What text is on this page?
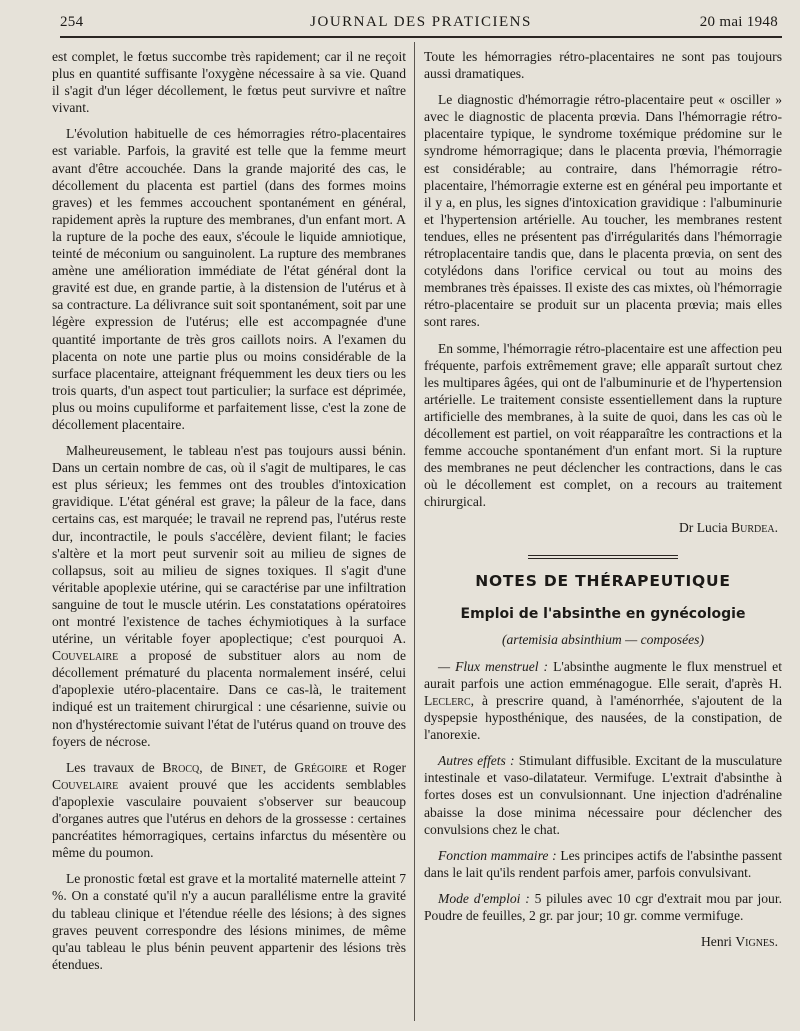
254	JOURNAL DES PRATICIENS	20 mai 1948

est complet, le fœtus succombe très rapidement; car il ne reçoit plus en quantité suffisante l'oxygène nécessaire à sa vie. Quand il s'agit d'un léger décollement, le fœtus peut survivre et naître vivant.

L'évolution habituelle de ces hémorragies rétro-placentaires est variable. Parfois, la gravité est telle que la femme meurt avant d'être accouchée. Dans la grande majorité des cas, le décollement du placenta est partiel (dans des formes moins graves) et les femmes accouchent spontanément en général, rapidement après la rupture des membranes, d'un enfant mort. A la rupture de la poche des eaux, s'écoule le liquide amniotique, teinté de méconium ou sanguinolent. La rupture des membranes amène une amélioration immédiate de l'état général dont la gravité est due, en grande partie, à la distension de l'utérus et à sa contracture. La délivrance suit soit spontanément, soit par une légère expression de l'utérus; elle est accompagnée d'une quantité importante de très gros caillots noirs. A l'examen du placenta on note une partie plus ou moins considérable de la surface placentaire, atteignant fréquemment les deux tiers ou les trois quarts, d'un aspect tout particulier; la surface est déprimée, plus ou moins cupuliforme et parfaitement lisse, c'est la zone de décollement placentaire.

Malheureusement, le tableau n'est pas toujours aussi bénin. Dans un certain nombre de cas, où il s'agit de multipares, le cas est plus sérieux; les femmes ont des troubles d'intoxication gravidique. L'état général est grave; la pâleur de la face, dans certains cas, est marquée; le travail ne reprend pas, l'utérus reste dur, incontractile, le pouls s'accélère, devient filant; le facies s'altère et la mort peut survenir soit au milieu de signes de collapsus, soit au milieu de signes toxiques. Il s'agit d'une véritable apoplexie utérine, qui se caractérise par une infiltration sanguine de tout le muscle utérin. Les constatations opératoires ont montré l'existence de taches échymiotiques à la surface utérine, un véritable foyer apoplectique; c'est pourquoi A. Couvelaire a proposé de substituer alors au nom de décollement prématuré du placenta normalement inséré, celui d'apoplexie utéro-placentaire. Dans ce cas-là, le traitement indiqué est un traitement chirurgical : une césarienne, suivie ou non d'hystérectomie suivant l'état de l'utérus quand on trouve des foyers de nécrose.

Les travaux de Brocq, de Binet, de Grégoire et Roger Couvelaire avaient prouvé que les accidents semblables d'apoplexie vasculaire pouvaient s'observer sur beaucoup d'organes autres que l'utérus en dehors de la grossesse : certaines pancréatites hémorragiques, certains infarctus du mésentère ou même du poumon.

Le pronostic fœtal est grave et la mortalité maternelle atteint 7 %. On a constaté qu'il n'y a aucun parallélisme entre la gravité du tableau clinique et l'étendue réelle des lésions; à des signes graves peuvent correspondre des lésions minimes, de même qu'au tableau le plus bénin peuvent appartenir des lésions très étendues.

Toute les hémorragies rétro-placentaires ne sont pas toujours aussi dramatiques.

Le diagnostic d'hémorragie rétro-placentaire peut « osciller » avec le diagnostic de placenta prœvia. Dans l'hémorragie rétro-placentaire typique, le syndrome toxémique prédomine sur le syndrome hémorragique; dans le placenta prœvia, l'hémorragie est considérable; au contraire, dans l'hémorragie rétro-placentaire, l'hémorragie externe est en général peu importante et il y a, en plus, les signes d'intoxication gravidique : l'albuminurie et l'hypertension artérielle. Au toucher, les membranes restent tendues, elles ne présentent pas d'irrégularités dans l'hémorragie rétroplacentaire tandis que, dans le placenta prœvia, on sent des cotylédons dans l'orifice cervical ou tout au moins des membranes très épaisses. Il existe des cas mixtes, où l'hémorragie rétro-placentaire se produit sur un placenta prœvia; mais elles sont rares.

En somme, l'hémorragie rétro-placentaire est une affection peu fréquente, parfois extrêmement grave; elle apparaît surtout chez les multipares âgées, qui ont de l'albuminurie et de l'hypertension artérielle. Le traitement consiste essentiellement dans la rupture artificielle des membranes, à la suite de quoi, dans les cas où le décollement est partiel, on voit réapparaître les contractions et la femme accouche spontanément d'un enfant mort. Si la rupture des membranes ne peut déclencher les contractions, dans le cas où le décollement est complet, on a recours au traitement chirurgical.

Dr Lucia Burdea.

NOTES DE THÉRAPEUTIQUE
Emploi de l'absinthe en gynécologie
(artemisia absinthium — composées)

— Flux menstruel : L'absinthe augmente le flux menstruel et aurait parfois une action emménagogue. Elle serait, d'après H. Leclerc, à prescrire quand, à l'aménorrhée, s'ajoutent de la dyspepsie hyposthénique, des nausées, de la constipation, de l'anorexie.

Autres effets : Stimulant diffusible. Excitant de la musculature intestinale et vaso-dilatateur. Vermifuge. L'extrait d'absinthe à fortes doses est un convulsionnant. Une injection d'adrénaline abaisse la dose minima nécessaire pour déclencher des convulsions chez le chat.

Fonction mammaire : Les principes actifs de l'absinthe passent dans le lait qu'ils rendent parfois amer, parfois convulsivant.

Mode d'emploi : 5 pilules avec 10 cgr d'extrait mou par jour. Poudre de feuilles, 2 gr. par jour; 10 gr. comme vermifuge.

Henri Vignes.
